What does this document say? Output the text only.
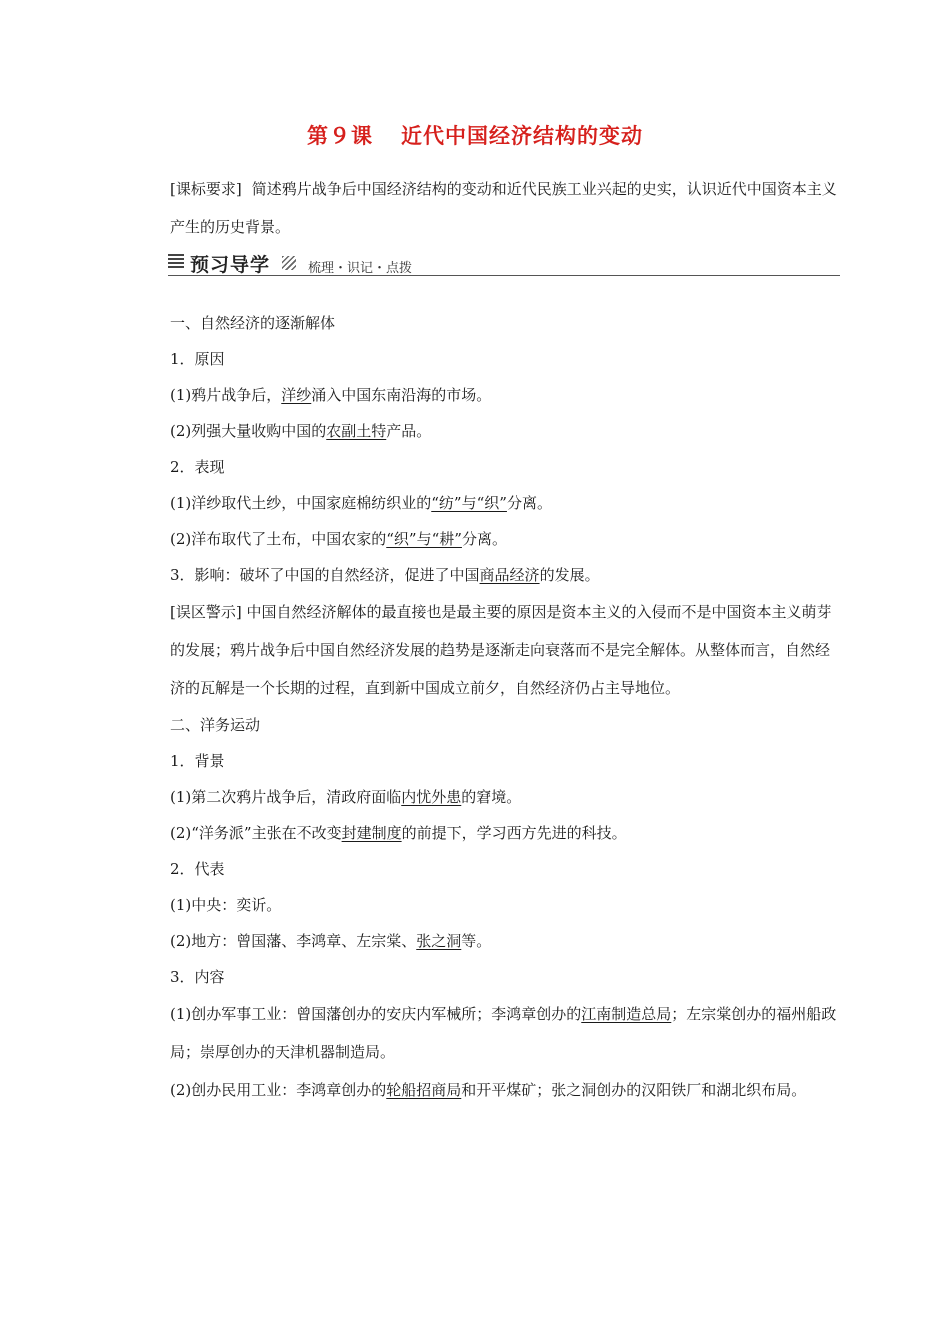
第９课 近代中国经济结构的变动
[课标要求] 简述鸦片战争后中国经济结构的变动和近代民族工业兴起的史实，认识近代中国资本主义产生的历史背景。
预习导学	梳理・识记・点拨
一、自然经济的逐渐解体
1．原因
(1)鸦片战争后，洋纱涌入中国东南沿海的市场。
(2)列强大量收购中国的农副土特产品。
2．表现
(1)洋纱取代土纱，中国家庭棉纺织业的“纺”与“织”分离。
(2)洋布取代了土布，中国农家的“织”与“耕”分离。
3．影响：破坏了中国的自然经济，促进了中国商品经济的发展。
[误区警示] 中国自然经济解体的最直接也是最主要的原因是资本主义的入侵而不是中国资本主义萌芽的发展；鸦片战争后中国自然经济发展的趋势是逐渐走向衰落而不是完全解体。从整体而言，自然经济的瓦解是一个长期的过程，直到新中国成立前夕，自然经济仍占主导地位。
二、洋务运动
1．背景
(1)第二次鸦片战争后，清政府面临内忧外患的窘境。
(2)“洋务派”主张在不改变封建制度的前提下，学习西方先进的科技。
2．代表
(1)中央：奕䜣。
(2)地方：曾国藩、李鸿章、左宗棠、张之洞等。
3．内容
(1)创办军事工业：曾国藩创办的安庆内军械所；李鸿章创办的江南制造总局；左宗棠创办的福州船政局；崇厚创办的天津机器制造局。
(2)创办民用工业：李鸿章创办的轮船招商局和开平煤矿；张之洞创办的汉阳铁厂和湖北织布局。
